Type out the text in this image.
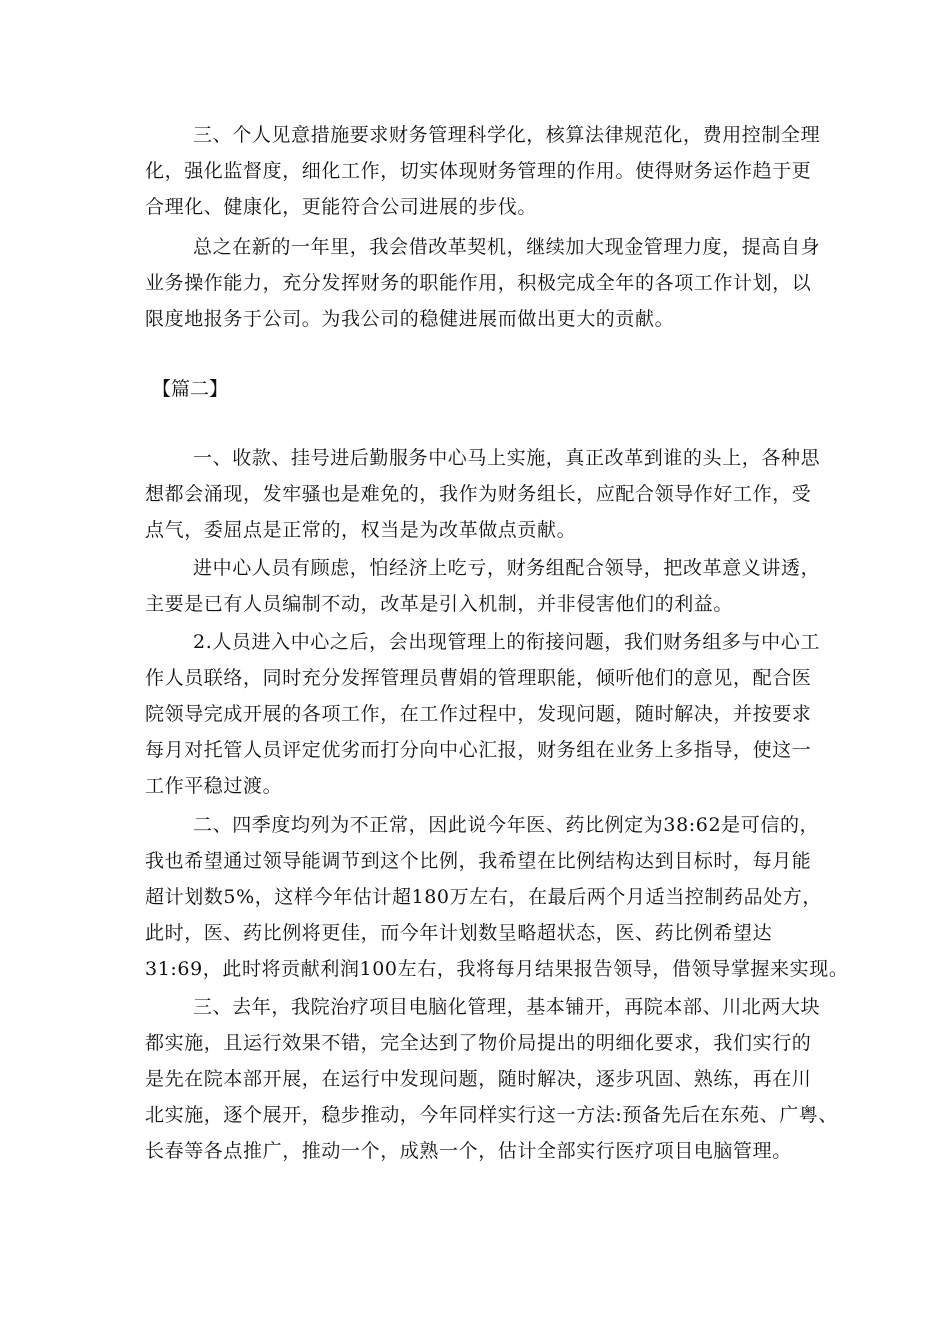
三、个人见意措施要求财务管理科学化，核算法律规范化，费用控制全理
化，强化监督度，细化工作，切实体现财务管理的作用。使得财务运作趋于更
合理化、健康化，更能符合公司进展的步伐。
总之在新的一年里，我会借改革契机，继续加大现金管理力度，提高自身
业务操作能力，充分发挥财务的职能作用，积极完成全年的各项工作计划，以
限度地报务于公司。为我公司的稳健进展而做出更大的贡献。
【篇二】
一、收款、挂号进后勤服务中心马上实施，真正改革到谁的头上，各种思
想都会涌现，发牢骚也是难免的，我作为财务组长，应配合领导作好工作，受
点气，委屈点是正常的，权当是为改革做点贡献。
进中心人员有顾虑，怕经济上吃亏，财务组配合领导，把改革意义讲透，
主要是已有人员编制不动，改革是引入机制，并非侵害他们的利益。
2.人员进入中心之后，会出现管理上的衔接问题，我们财务组多与中心工
作人员联络，同时充分发挥管理员曹娟的管理职能，倾听他们的意见，配合医
院领导完成开展的各项工作，在工作过程中，发现问题，随时解决，并按要求
每月对托管人员评定优劣而打分向中心汇报，财务组在业务上多指导，使这一
工作平稳过渡。
二、四季度均列为不正常，因此说今年医、药比例定为38:62是可信的，
我也希望通过领导能调节到这个比例，我希望在比例结构达到目标时，每月能
超计划数5%，这样今年估计超180万左右，在最后两个月适当控制药品处方，
此时，医、药比例将更佳，而今年计划数呈略超状态，医、药比例希望达
31:69，此时将贡献利润100左右，我将每月结果报告领导，借领导掌握来实现。
三、去年，我院治疗项目电脑化管理，基本铺开，再院本部、川北两大块
都实施，且运行效果不错，完全达到了物价局提出的明细化要求，我们实行的
是先在院本部开展，在运行中发现问题，随时解决，逐步巩固、熟练，再在川
北实施，逐个展开，稳步推动，今年同样实行这一方法:预备先后在东苑、广粤、
长春等各点推广，推动一个，成熟一个，估计全部实行医疗项目电脑管理。
